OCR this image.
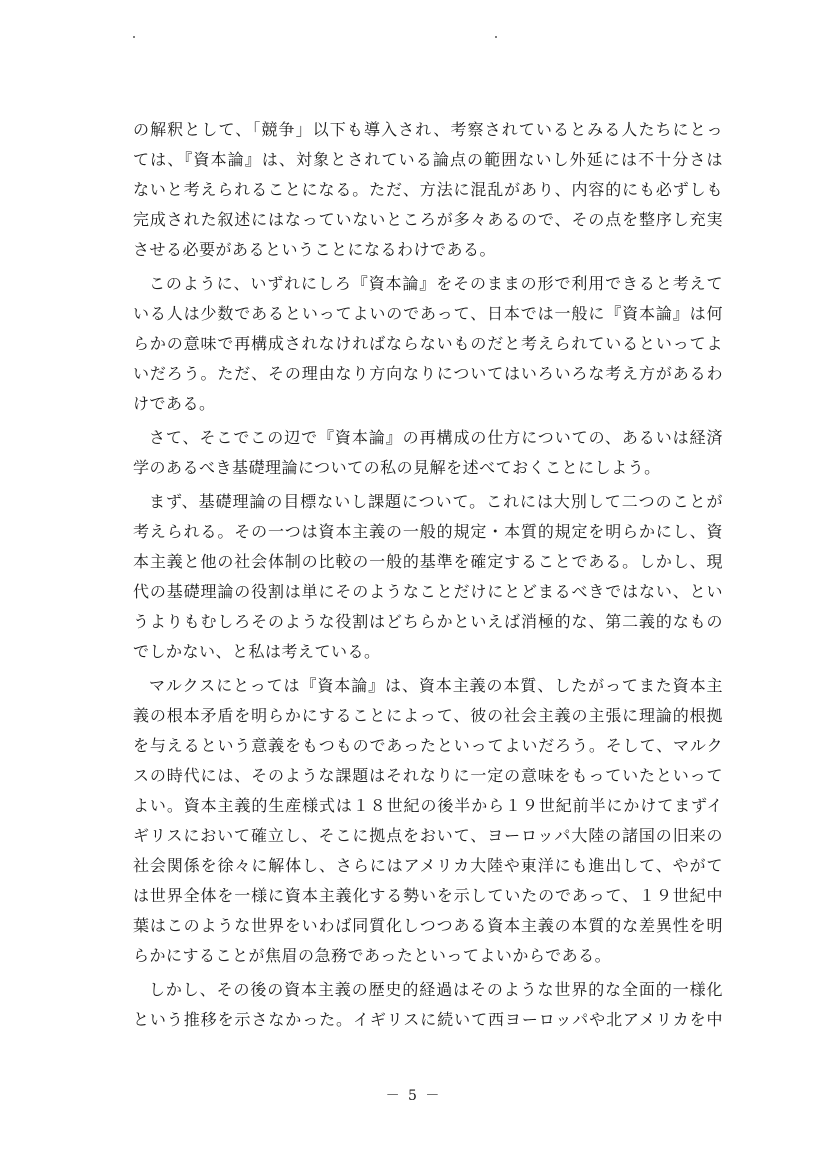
の解釈として、「競争」以下も導入され、考察されているとみる人たちにとっ
ては、『資本論』は、対象とされている論点の範囲ないし外延には不十分さは
ないと考えられることになる。ただ、方法に混乱があり、内容的にも必ずしも
完成された叙述にはなっていないところが多々あるので、その点を整序し充実
させる必要があるということになるわけである。
このように、いずれにしろ『資本論』をそのままの形で利用できると考えて
いる人は少数であるといってよいのであって、日本では一般に『資本論』は何
らかの意味で再構成されなければならないものだと考えられているといってよ
いだろう。ただ、その理由なり方向なりについてはいろいろな考え方があるわ
けである。
さて、そこでこの辺で『資本論』の再構成の仕方についての、あるいは経済
学のあるべき基礎理論についての私の見解を述べておくことにしよう。
まず、基礎理論の目標ないし課題について。これには大別して二つのことが
考えられる。その一つは資本主義の一般的規定・本質的規定を明らかにし、資
本主義と他の社会体制の比較の一般的基準を確定することである。しかし、現
代の基礎理論の役割は単にそのようなことだけにとどまるべきではない、とい
うよりもむしろそのような役割はどちらかといえば消極的な、第二義的なもの
でしかない、と私は考えている。
マルクスにとっては『資本論』は、資本主義の本質、したがってまた資本主
義の根本矛盾を明らかにすることによって、彼の社会主義の主張に理論的根拠
を与えるという意義をもつものであったといってよいだろう。そして、マルク
スの時代には、そのような課題はそれなりに一定の意味をもっていたといって
よい。資本主義的生産様式は１８世紀の後半から１９世紀前半にかけてまずイ
ギリスにおいて確立し、そこに拠点をおいて、ヨーロッパ大陸の諸国の旧来の
社会関係を徐々に解体し、さらにはアメリカ大陸や東洋にも進出して、やがて
は世界全体を一様に資本主義化する勢いを示していたのであって、１９世紀中
葉はこのような世界をいわば同質化しつつある資本主義の本質的な差異性を明
らかにすることが焦眉の急務であったといってよいからである。
しかし、その後の資本主義の歴史的経過はそのような世界的な全面的一様化
という推移を示さなかった。イギリスに続いて西ヨーロッパや北アメリカを中
－ 5 －
